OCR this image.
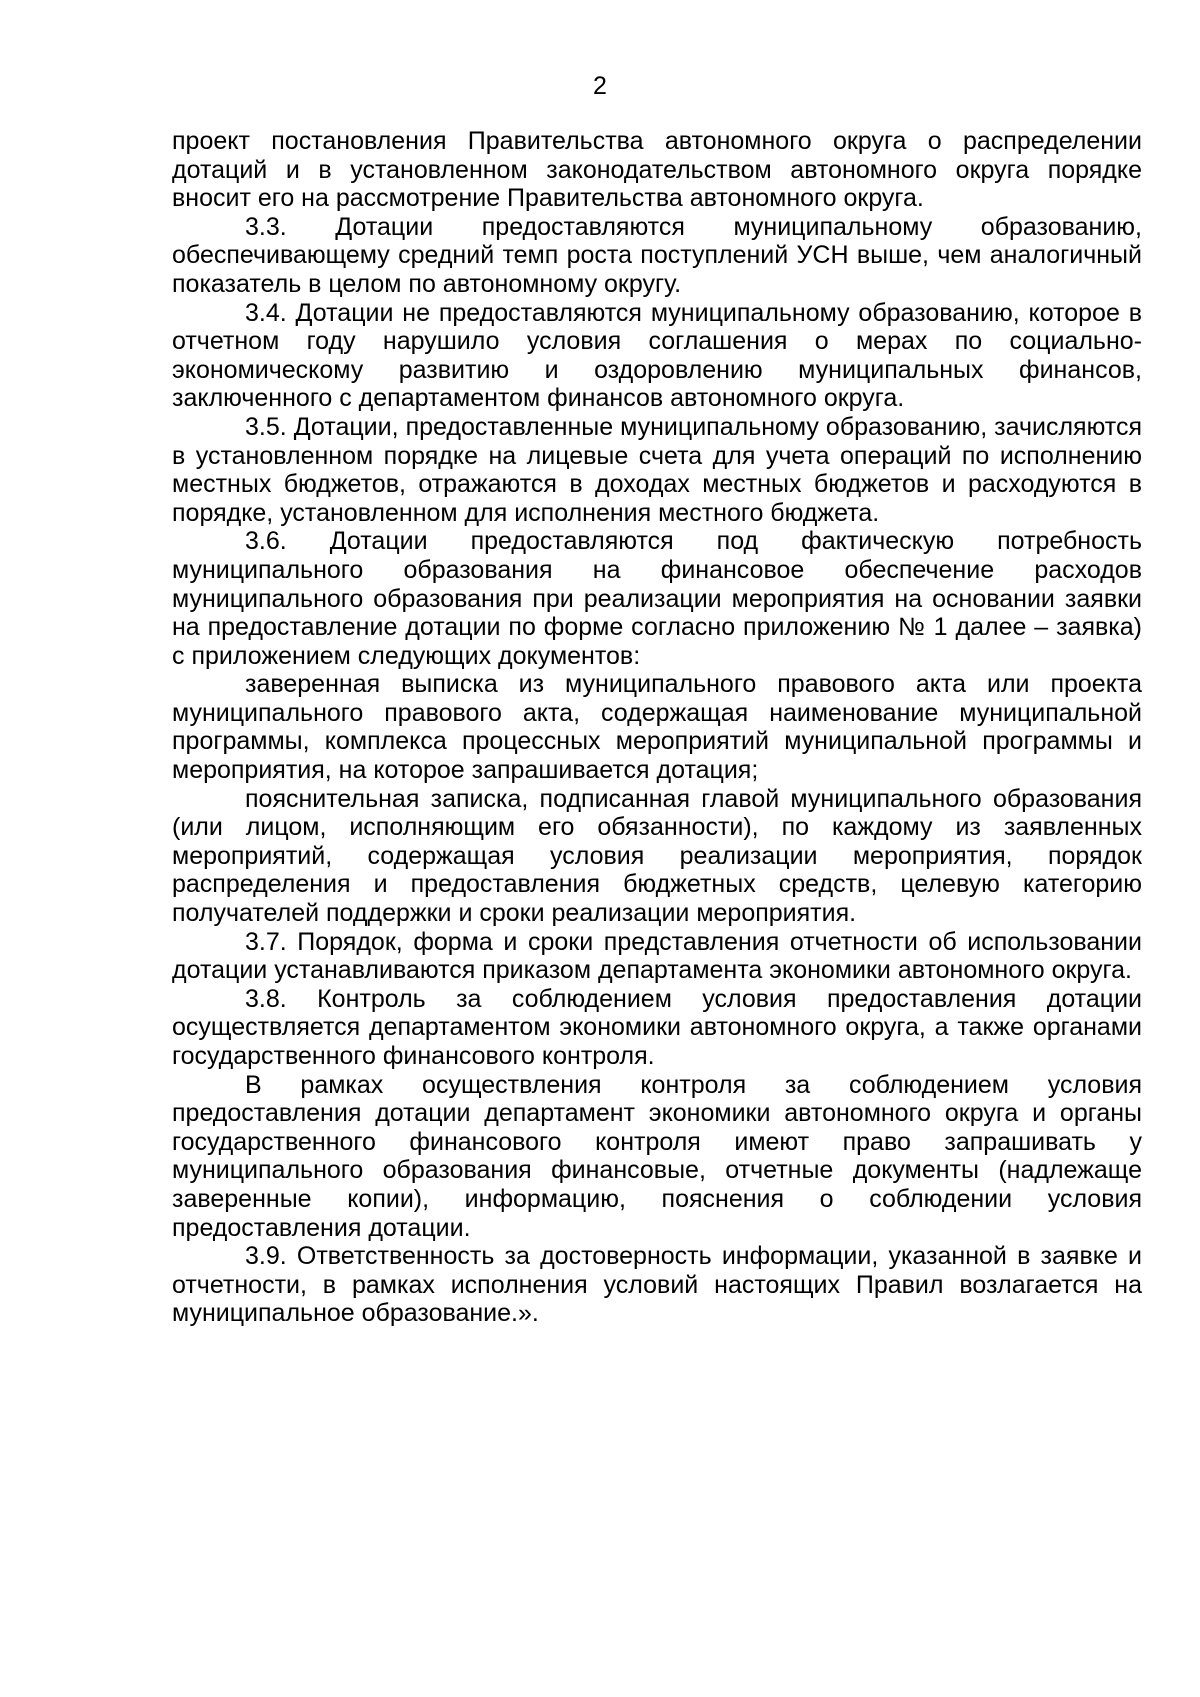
2

проект постановления Правительства автономного округа о распределении дотаций и в установленном законодательством автономного округа порядке вносит его на рассмотрение Правительства автономного округа.

3.3. Дотации предоставляются муниципальному образованию, обеспечивающему средний темп роста поступлений УСН выше, чем аналогичный показатель в целом по автономному округу.

3.4. Дотации не предоставляются муниципальному образованию, которое в отчетном году нарушило условия соглашения о мерах по социально-экономическому развитию и оздоровлению муниципальных финансов, заключенного с департаментом финансов автономного округа.

3.5. Дотации, предоставленные муниципальному образованию, зачисляются в установленном порядке на лицевые счета для учета операций по исполнению местных бюджетов, отражаются в доходах местных бюджетов и расходуются в порядке, установленном для исполнения местного бюджета.

3.6. Дотации предоставляются под фактическую потребность муниципального образования на финансовое обеспечение расходов муниципального образования при реализации мероприятия на основании заявки на предоставление дотации по форме согласно приложению № 1 далее – заявка) с приложением следующих документов:

заверенная выписка из муниципального правового акта или проекта муниципального правового акта, содержащая наименование муниципальной программы, комплекса процессных мероприятий муниципальной программы и мероприятия, на которое запрашивается дотация;

пояснительная записка, подписанная главой муниципального образования (или лицом, исполняющим его обязанности), по каждому из заявленных мероприятий, содержащая условия реализации мероприятия, порядок распределения и предоставления бюджетных средств, целевую категорию получателей поддержки и сроки реализации мероприятия.

3.7. Порядок, форма и сроки представления отчетности об использовании дотации устанавливаются приказом департамента экономики автономного округа.

3.8. Контроль за соблюдением условия предоставления дотации осуществляется департаментом экономики автономного округа, а также органами государственного финансового контроля.

В рамках осуществления контроля за соблюдением условия предоставления дотации департамент экономики автономного округа и органы государственного финансового контроля имеют право запрашивать у муниципального образования финансовые, отчетные документы (надлежаще заверенные копии), информацию, пояснения о соблюдении условия предоставления дотации.

3.9. Ответственность за достоверность информации, указанной в заявке и отчетности, в рамках исполнения условий настоящих Правил возлагается на муниципальное образование.».
